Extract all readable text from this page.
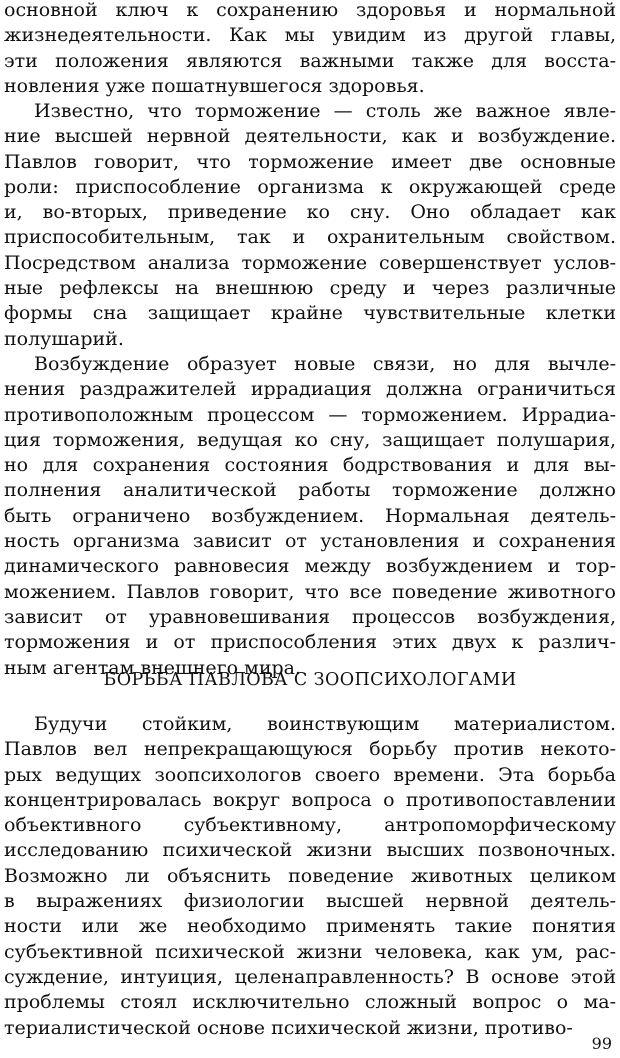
основной ключ к сохранению здоровья и нормальной
жизнедеятельности. Как мы увидим из другой главы,
эти положения являются важными также для восста-
новления уже пошатнувшегося здоровья.
Известно, что торможение — столь же важное явле-
ние высшей нервной деятельности, как и возбуждение.
Павлов говорит, что торможение имеет две основные
роли: приспособление организма к окружающей среде
и, во-вторых, приведение ко сну. Оно обладает как
приспособительным, так и охранительным свойством.
Посредством анализа торможение совершенствует услов-
ные рефлексы на внешнюю среду и через различные
формы сна защищает крайне чувствительные клетки
полушарий.
Возбуждение образует новые связи, но для вычле-
нения раздражителей иррадиация должна ограничиться
противоположным процессом — торможением. Иррадиа-
ция торможения, ведущая ко сну, защищает полушария,
но для сохранения состояния бодрствования и для вы-
полнения аналитической работы торможение должно
быть ограничено возбуждением. Нормальная деятель-
ность организма зависит от установления и сохранения
динамического равновесия между возбуждением и тор-
можением. Павлов говорит, что все поведение животного
зависит от уравновешивания процессов возбуждения,
торможения и от приспособления этих двух к различ-
ным агентам внешнего мира.
БОРЬБА ПАВЛОВА С ЗООПСИХОЛОГАМИ
Будучи стойким, воинствующим материалистом.
Павлов вел непрекращающуюся борьбу против некото-
рых ведущих зоопсихологов своего времени. Эта борьба
концентрировалась вокруг вопроса о противопоставлении
объективного субъективному, антропоморфическому
исследованию психической жизни высших позвоночных.
Возможно ли объяснить поведение животных целиком
в выражениях физиологии высшей нервной деятель-
ности или же необходимо применять такие понятия
субъективной психической жизни человека, как ум, рас-
суждение, интуиция, целенаправленность? В основе этой
проблемы стоял исключительно сложный вопрос о ма-
териалистической основе психической жизни, противо-
99
